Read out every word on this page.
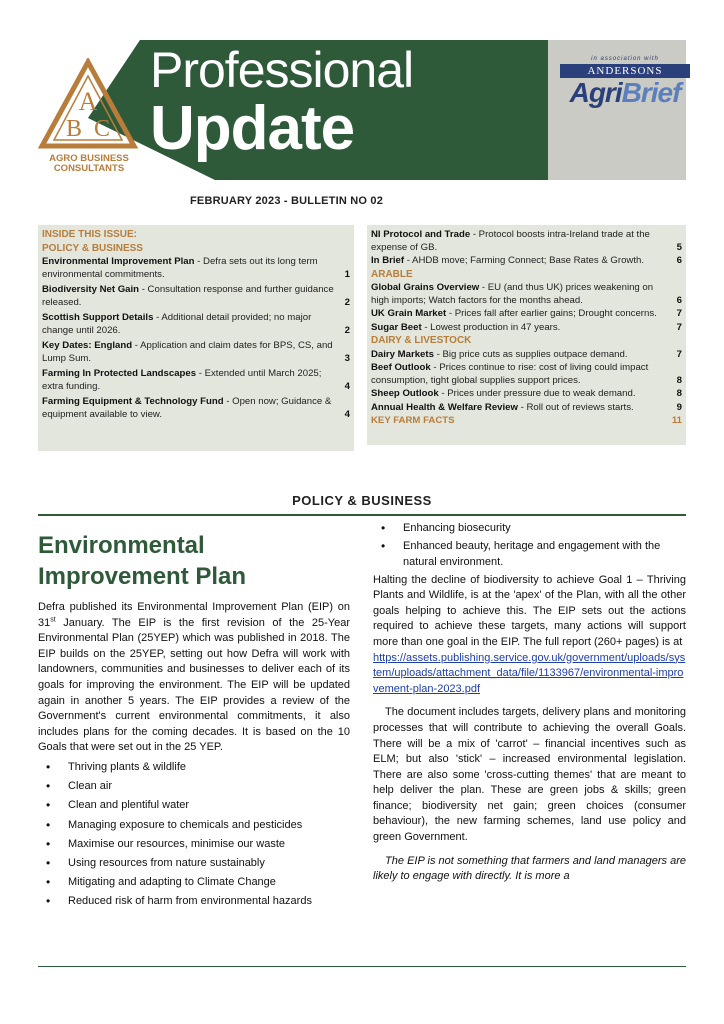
A
B C
AGRO BUSINESS
CONSULTANTS
Professional
Update
in association with
ANDERSONS
AgriBrief
FEBRUARY 2023 - BULLETIN NO 02
INSIDE THIS ISSUE:
POLICY & BUSINESS
Environmental Improvement Plan - Defra sets out its long term environmental commitments.	1
Biodiversity Net Gain - Consultation response and further guidance released.	2
Scottish Support Details - Additional detail provided; no major change until 2026.	2
Key Dates: England - Application and claim dates for BPS, CS, and Lump Sum.	3
Farming In Protected Landscapes - Extended until March 2025; extra funding.	4
Farming Equipment & Technology Fund - Open now; Guidance & equipment available to view.	4
NI Protocol and Trade - Protocol boosts intra-Ireland trade at the expense of GB.	5
In Brief - AHDB move; Farming Connect; Base Rates & Growth.	6
ARABLE
Global Grains Overview - EU (and thus UK) prices weakening on high imports; Watch factors for the months ahead.	6
UK Grain Market - Prices fall after earlier gains; Drought concerns. 7
Sugar Beet - Lowest production in 47 years.	7
DAIRY & LIVESTOCK
Dairy Markets - Big price cuts as supplies outpace demand.	7
Beef Outlook - Prices continue to rise: cost of living could impact consumption, tight global supplies support prices.	8
Sheep Outlook - Prices under pressure due to weak demand.	8
Annual Health & Welfare Review - Roll out of reviews starts.	9
KEY FARM FACTS	11
POLICY & BUSINESS
Environmental Improvement Plan

Defra published its Environmental Improvement Plan (EIP) on 31st January. The EIP is the first revision of the 25-Year Environmental Plan (25YEP) which was published in 2018. The EIP builds on the 25YEP, setting out how Defra will work with landowners, communities and businesses to deliver each of its goals for improving the environment. The EIP will be updated again in another 5 years. The EIP provides a review of the Government's current environmental commitments, it also includes plans for the coming decades. It is based on the 10 Goals that were set out in the 25 YEP.

• Thriving plants & wildlife
• Clean air
• Clean and plentiful water
• Managing exposure to chemicals and pesticides
• Maximise our resources, minimise our waste
• Using resources from nature sustainably
• Mitigating and adapting to Climate Change
• Reduced risk of harm from environmental hazards
• Enhancing biosecurity
• Enhanced beauty, heritage and engagement with the natural environment.

Halting the decline of biodiversity to achieve Goal 1 – Thriving Plants and Wildlife, is at the 'apex' of the Plan, with all the other goals helping to achieve this. The EIP sets out the actions required to achieve these targets, many actions will support more than one goal in the EIP. The full report (260+ pages) is at

https://assets.publishing.service.gov.uk/government/uploads/system/uploads/attachment_data/file/1133967/environmental-improvement-plan-2023.pdf

The document includes targets, delivery plans and monitoring processes that will contribute to achieving the overall Goals. There will be a mix of 'carrot' – financial incentives such as ELM; but also 'stick' – increased environmental legislation. There are also some 'cross-cutting themes' that are meant to help deliver the plan. These are green jobs & skills; green finance; biodiversity net gain; green choices (consumer behaviour), the new farming schemes, land use policy and green Government.

The EIP is not something that farmers and land managers are likely to engage with directly. It is more a
